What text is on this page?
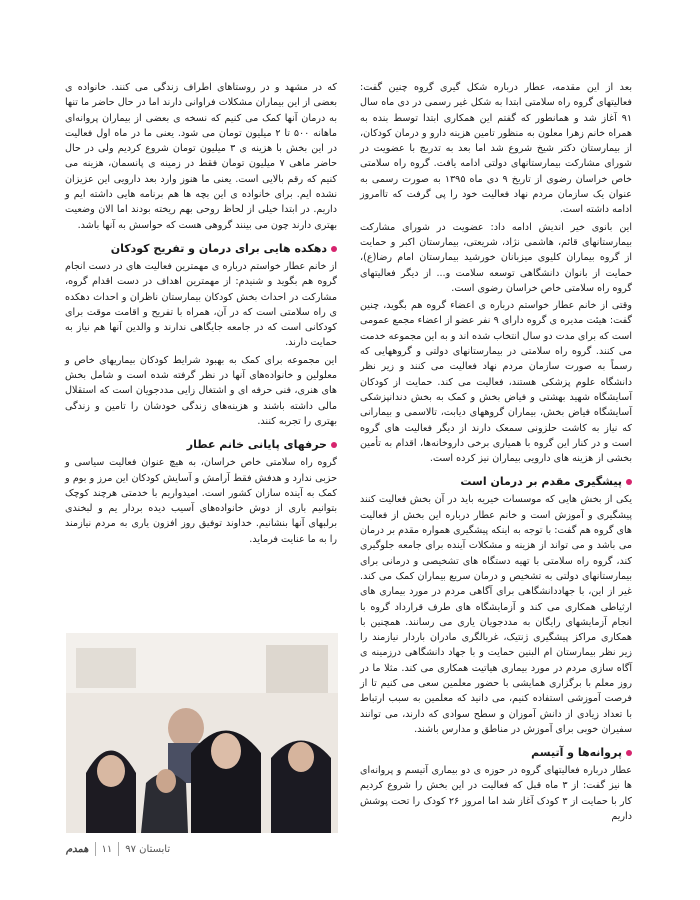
بعد از این مقدمه، عطار درباره شکل گیری گروه چنین گفت: فعالیتهای گروه راه سلامتی ابتدا به شکل غیر رسمی در دی ماه سال ۹۱ آغاز شد و همانطور که گفتم این همکاری ابتدا توسط بنده به همراه خانم زهرا معلون به منظور تامین هزینه دارو و درمان کودکان، از بیمارستان دکتر شیخ شروع شد اما بعد به تدریج با عضویت در شورای مشارکت بیمارستانهای دولتی ادامه یافت. گروه راه سلامتی خاص خراسان رضوی از تاریخ ۹ دی ماه ۱۳۹۵ به صورت رسمی به عنوان یک سازمان مردم نهاد فعالیت خود را پی گرفت که تاامروز ادامه داشته است.

این بانوی خیر اندیش ادامه داد: عضویت در شورای مشارکت بیمارستانهای قائم، هاشمی نژاد، شریعتی، بیمارستان اکبر و حمایت از گروه بیماران کلیوی میزبانان خورشید بیمارستان امام رضا(ع)، حمایت از بانوان دانشگاهی توسعه سلامت و... از دیگر فعالیتهای گروه راه سلامتی خاص خراسان رضوی است.

وقتی از خانم عطار خواستم درباره ی اعضاء گروه هم بگوید، چنین گفت: هیئت مدیره ی گروه دارای ۹ نفر عضو از اعضاء مجمع عمومی است که برای مدت دو سال انتخاب شده اند و به این مجموعه خدمت می کنند. گروه راه سلامتی در بیمارستانهای دولتی و گروههایی که رسماً به صورت سازمان مردم نهاد فعالیت می کنند و زیر نظر دانشگاه علوم پزشکی هستند، فعالیت می کند. حمایت از کودکان آسایشگاه شهید بهشتی و فیاض بخش و کمک به بخش دندانپزشکی آسایشگاه فیاض بخش، بیماران گروههای دیابت، تالاسمی و بیمارانی که نیاز به کاشت حلزونی سمعک دارند از دیگر فعالیت های گروه است و در کنار این گروه با همیاری برخی داروخانه‌ها، اقدام به تأمین بخشی از هزینه های دارویی بیماران نیز کرده است.

پیشگیری مقدم بر درمان است

یکی از بخش هایی که موسسات خیریه باید در آن بخش فعالیت کنند پیشگیری و آموزش است و خانم عطار درباره این بخش از فعالیت های گروه هم گفت: با توجه به اینکه پیشگیری همواره مقدم بر درمان می باشد و می تواند از هزینه و مشکلات آینده برای جامعه جلوگیری کند، گروه راه سلامتی با تهیه دستگاه های تشخیصی و درمانی برای بیمارستانهای دولتی به تشخیص و درمان سریع بیماران کمک می کند. غیر از این، با جهاددانشگاهی برای آگاهی مردم در مورد بیماری های ارثیاطی همکاری می کند و آزمایشگاه های طرف قرارداد گروه با انجام آزمایشهای رایگان به مددجویان یاری می رسانند. همچنین با همکاری مراکز پیشگیری ژنتیک، غربالگری مادران باردار نیازمند را زیر نظر بیمارستان ام البنین حمایت و با جهاد دانشگاهی درزمینه ی آگاه سازی مردم در مورد بیماری هیاتیت همکاری می کند. مثلا ما در روز معلم با برگزاری همایشی با حضور معلمین سعی می کنیم تا از فرصت آموزشی استفاده کنیم، می دانید که معلمین به سبب ارتباط با تعداد زیادی از دانش آموزان و سطح سوادی که دارند، می توانند سفیران خوبی برای آموزش در مناطق و مدارس باشند.

پروانه‌ها و آتیسم

عطار درباره فعالیتهای گروه در حوزه ی دو بیماری آتیسم و پروانه‌ای ها نیز گفت: از ۳ ماه قبل که فعالیت در این بخش را شروع کردیم کار با حمایت از ۳ کودک آغاز شد اما امروز ۲۶ کودک را تحت پوشش داریم

که در مشهد و در روستاهای اطراف زندگی می کنند. خانواده ی بعضی از این بیماران مشکلات فراوانی دارند اما در حال حاضر ما تنها به درمان آنها کمک می کنیم که نسخه ی بعضی از بیماران پروانه‌ای ماهانه ۵۰۰ تا ۲ میلیون تومان می شود. یعنی ما در ماه اول فعالیت در این بخش با هزینه ی ۳ میلیون تومان شروع کردیم ولی در حال حاضر ماهی ۷ میلیون تومان فقط در زمینه ی پانسمان، هزینه می کنیم که رقم بالایی است. یعنی ما هنوز وارد بعد دارویی این عزیزان نشده ایم. برای خانواده ی این بچه ها هم برنامه هایی داشته ایم و داریم. در ابتدا خیلی از لحاظ روحی بهم ریخته بودند اما الان وضعیت بهتری دارند چون می بینند گروهی هست که حواسش به آنها باشد.

دهکده هایی برای درمان و تفریح کودکان

از خانم عطار خواستم درباره ی مهمترین فعالیت های در دست انجام گروه هم بگوید و شنیدم: از مهمترین اهداف در دست اقدام گروه، مشارکت در احداث بخش کودکان بیمارستان ناظران و احداث دهکده ی راه سلامتی است که در آن، همراه با تفریح و اقامت موقت برای کودکانی است که در جامعه جایگاهی ندارند و والدین آنها هم نیاز به حمایت دارند.

این مجموعه برای کمک به بهبود شرایط کودکان بیماریهای خاص و معلولین و خانواده‌های آنها در نظر گرفته شده است و شامل بخش های هنری، فنی حرفه ای و اشتغال زایی مددجویان است که استقلال مالی داشته باشند و هزینه‌های زندگی خودشان را تامین و زندگی بهتری را تجربه کنند.

حرفهای پایانی خانم عطار

گروه راه سلامتی خاص خراسان، به هیچ عنوان فعالیت سیاسی و حزبی ندارد و هدفش فقط آرامش و آسایش کودکان این مرز و بوم و کمک به آینده سازان کشور است. امیدواریم با خدمتی هرچند کوچک بتوانیم باری از دوش خانواده‌های آسیب دیده بردار یم و لبخندی برلبهای آنها بنشانیم. خداوند توفیق روز افزون یاری به مردم نیازمند را به ما عنایت فرماید.

همدم ۱۱ تابستان ۹۷
